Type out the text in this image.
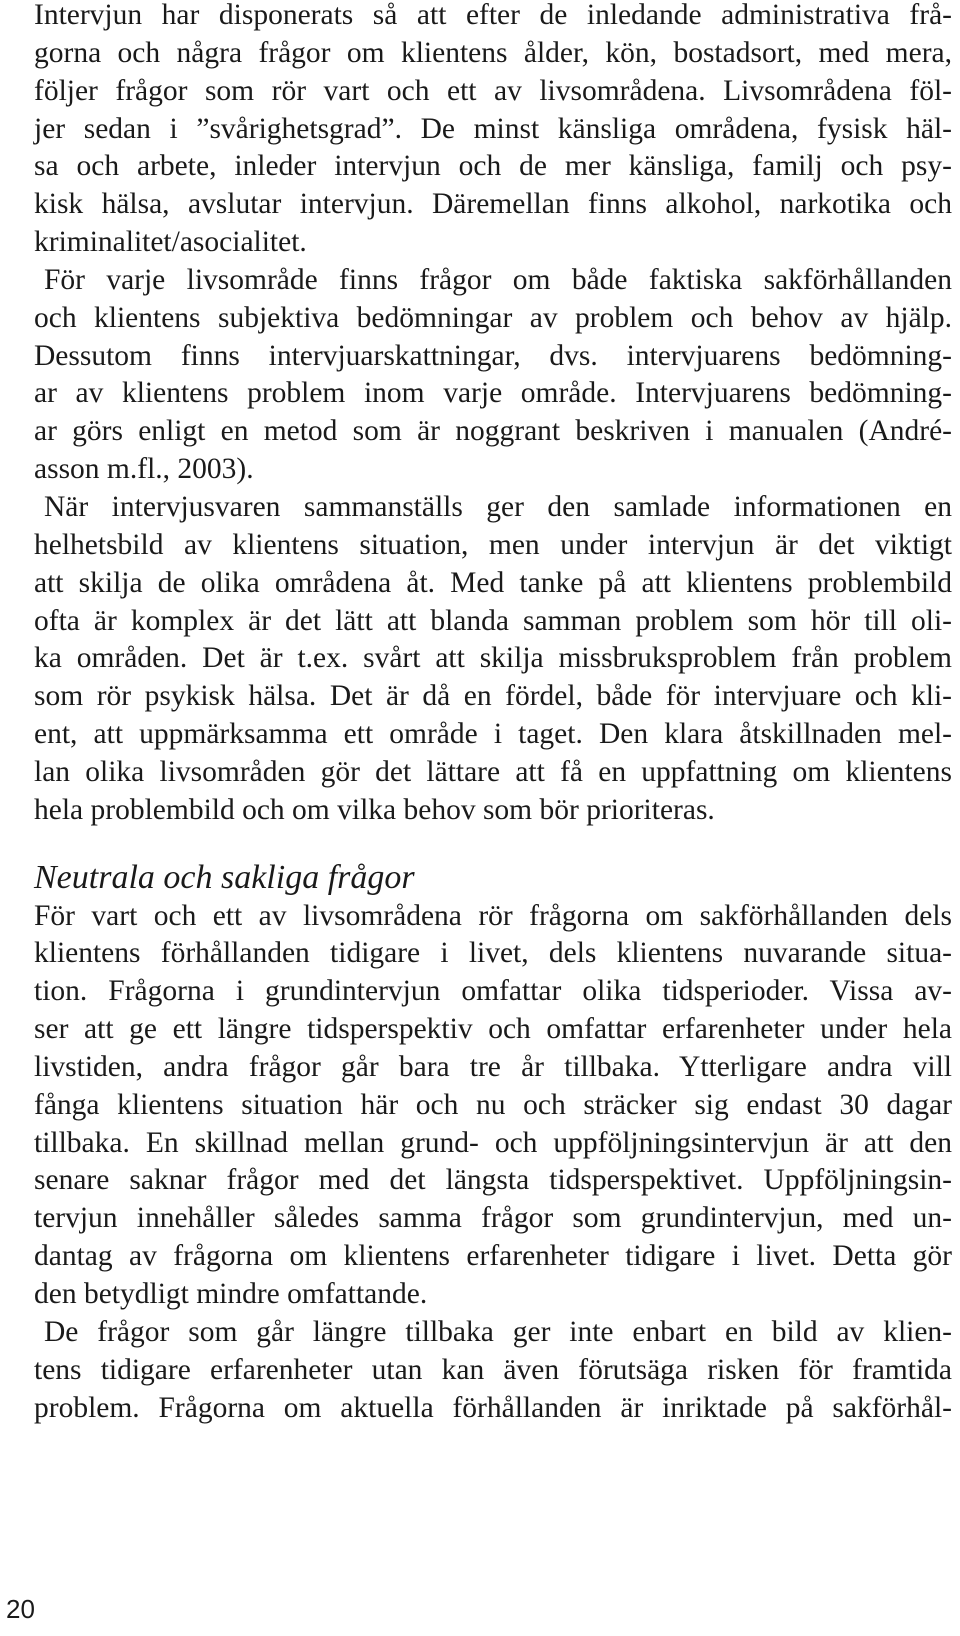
Intervjun har disponerats så att efter de inledande administrativa frå-
gorna och några frågor om klientens ålder, kön, bostadsort, med mera,
följer frågor som rör vart och ett av livsområdena. Livsområdena föl-
jer sedan i ”svårighetsgrad”. De minst känsliga områdena, fysisk häl-
sa och arbete, inleder intervjun och de mer känsliga, familj och psy-
kisk hälsa, avslutar intervjun. Däremellan finns alkohol, narkotika och
kriminalitet/asocialitet.
För varje livsområde finns frågor om både faktiska sakförhållanden
och klientens subjektiva bedömningar av problem och behov av hjälp.
Dessutom finns intervjuarskattningar, dvs. intervjuarens bedömning-
ar av klientens problem inom varje område. Intervjuarens bedömning-
ar görs enligt en metod som är noggrant beskriven i manualen (André-
asson m.fl., 2003).
När intervjusvaren sammanställs ger den samlade informationen en
helhetsbild av klientens situation, men under intervjun är det viktigt
att skilja de olika områdena åt. Med tanke på att klientens problembild
ofta är komplex är det lätt att blanda samman problem som hör till oli-
ka områden. Det är t.ex. svårt att skilja missbruksproblem från problem
som rör psykisk hälsa. Det är då en fördel, både för intervjuare och kli-
ent, att uppmärksamma ett område i taget. Den klara åtskillnaden mel-
lan olika livsområden gör det lättare att få en uppfattning om klientens
hela problembild och om vilka behov som bör prioriteras.
Neutrala och sakliga frågor
För vart och ett av livsområdena rör frågorna om sakförhållanden dels
klientens förhållanden tidigare i livet, dels klientens nuvarande situa-
tion. Frågorna i grundintervjun omfattar olika tidsperioder. Vissa av-
ser att ge ett längre tidsperspektiv och omfattar erfarenheter under hela
livstiden, andra frågor går bara tre år tillbaka. Ytterligare andra vill
fånga klientens situation här och nu och sträcker sig endast 30 dagar
tillbaka. En skillnad mellan grund- och uppföljningsintervjun är att den
senare saknar frågor med det längsta tidsperspektivet. Uppföljningsin-
tervjun innehåller således samma frågor som grundintervjun, med un-
dantag av frågorna om klientens erfarenheter tidigare i livet. Detta gör
den betydligt mindre omfattande.
De frågor som går längre tillbaka ger inte enbart en bild av klien-
tens tidigare erfarenheter utan kan även förutsäga risken för framtida
problem. Frågorna om aktuella förhållanden är inriktade på sakförhål-
20
